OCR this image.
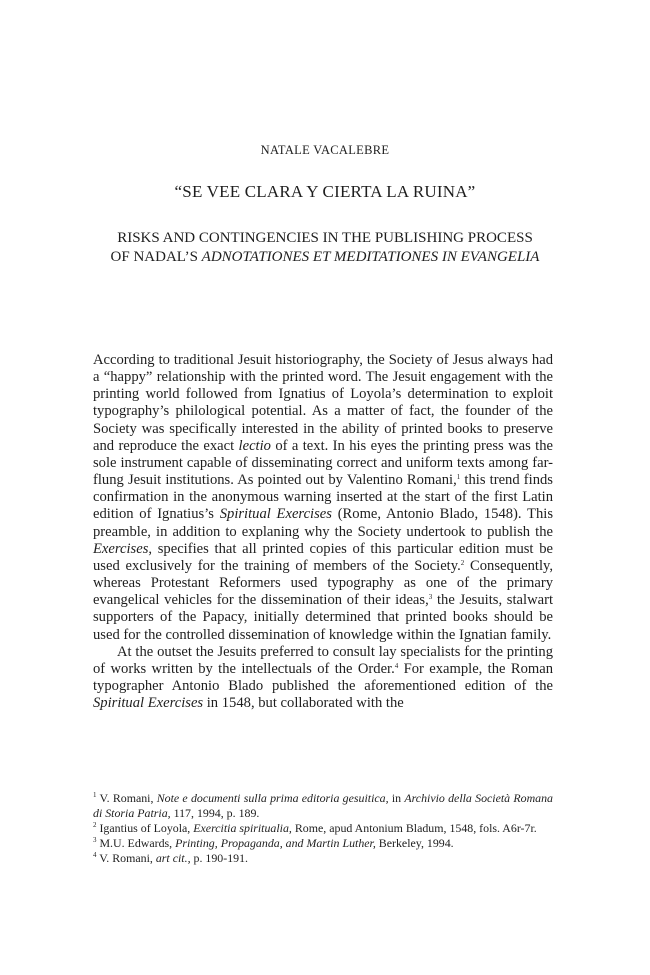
NATALE VACALEBRE
“SE VEE CLARA Y CIERTA LA RUINA”
RISKS AND CONTINGENCIES IN THE PUBLISHING PROCESS
OF NADAL’S ADNOTATIONES ET MEDITATIONES IN EVANGELIA

According to traditional Jesuit historiography, the Society of Jesus always had a “happy” relationship with the printed word. The Jesuit engagement with the printing world followed from Ignatius of Loyola’s determination to exploit typography’s philological potential. As a matter of fact, the founder of the Society was specifically interested in the ability of printed books to preserve and reproduce the exact lectio of a text. In his eyes the printing press was the sole instrument capable of disseminating correct and uniform texts among far-flung Jesuit institutions. As pointed out by Valentino Romani,$^1$ this trend finds confirmation in the anonymous warning inserted at the start of the first Latin edition of Ignatius’s Spiritual Exercises (Rome, Antonio Blado, 1548). This preamble, in addition to explaning why the Society undertook to publish the Exercises, specifies that all printed copies of this particular edition must be used exclusively for the training of members of the Society.$^2$ Consequently, whereas Protestant Reformers used typography as one of the primary evangelical vehicles for the dissemination of their ideas,$^3$ the Jesuits, stalwart supporters of the Papacy, initially determined that printed books should be used for the controlled dissemination of knowledge within the Ignatian family.

At the outset the Jesuits preferred to consult lay specialists for the printing of works written by the intellectuals of the Order.$^4$ For example, the Roman typographer Antonio Blado published the aforementioned edition of the Spiritual Exercises in 1548, but collaborated with the

$^1$ V. Romani, Note e documenti sulla prima editoria gesuitica, in Archivio della Società Romana di Storia Patria, 117, 1994, p. 189.

$^2$ Igantius of Loyola, Exercitia spiritualia, Rome, apud Antonium Bladum, 1548, fols. A6r-7r.

$^3$ M.U. Edwards, Printing, Propaganda, and Martin Luther, Berkeley, 1994.

$^4$ V. Romani, art cit., p. 190-191.
